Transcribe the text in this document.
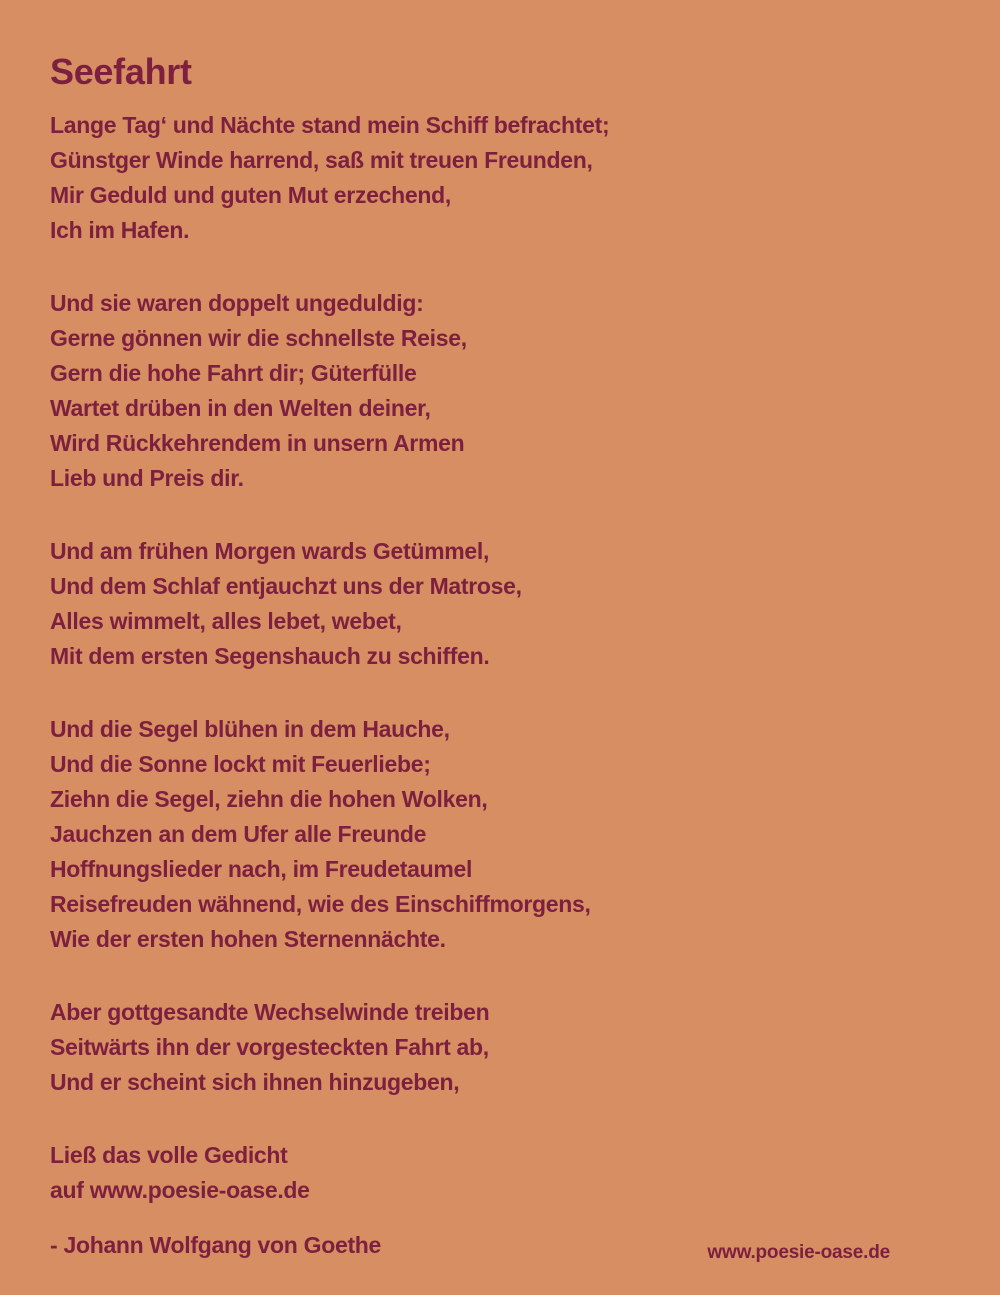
Seefahrt
Lange Tag‘ und Nächte stand mein Schiff befrachtet;
Günstger Winde harrend, saß mit treuen Freunden,
Mir Geduld und guten Mut erzechend,
Ich im Hafen.
Und sie waren doppelt ungeduldig:
Gerne gönnen wir die schnellste Reise,
Gern die hohe Fahrt dir; Güterfülle
Wartet drüben in den Welten deiner,
Wird Rückkehrendem in unsern Armen
Lieb und Preis dir.
Und am frühen Morgen wards Getümmel,
Und dem Schlaf entjauchzt uns der Matrose,
Alles wimmelt, alles lebet, webet,
Mit dem ersten Segenshauch zu schiffen.
Und die Segel blühen in dem Hauche,
Und die Sonne lockt mit Feuerliebe;
Ziehn die Segel, ziehn die hohen Wolken,
Jauchzen an dem Ufer alle Freunde
Hoffnungslieder nach, im Freudetaumel
Reisefreuden wähnend, wie des Einschiffmorgens,
Wie der ersten hohen Sternennächte.
Aber gottgesandte Wechselwinde treiben
Seitwärts ihn der vorgesteckten Fahrt ab,
Und er scheint sich ihnen hinzugeben,
Ließ das volle Gedicht
auf www.poesie-oase.de
- Johann Wolfgang von Goethe	www.poesie-oase.de
